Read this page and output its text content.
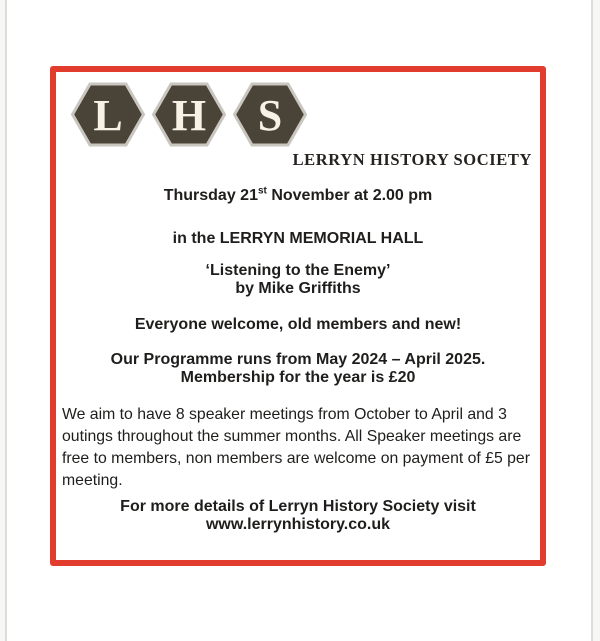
L H S
LERRYN HISTORY SOCIETY
Thursday 21st November at 2.00 pm
in the LERRYN MEMORIAL HALL
‘Listening to the Enemy’
by Mike Griffiths
Everyone welcome, old members and new!
Our Programme runs from May 2024 – April 2025.
Membership for the year is £20
We aim to have 8 speaker meetings from October to April and 3 outings throughout the summer months. All Speaker meetings are free to members, non members are welcome on payment of £5 per meeting.
For more details of Lerryn History Society visit
www.lerrynhistory.co.uk
